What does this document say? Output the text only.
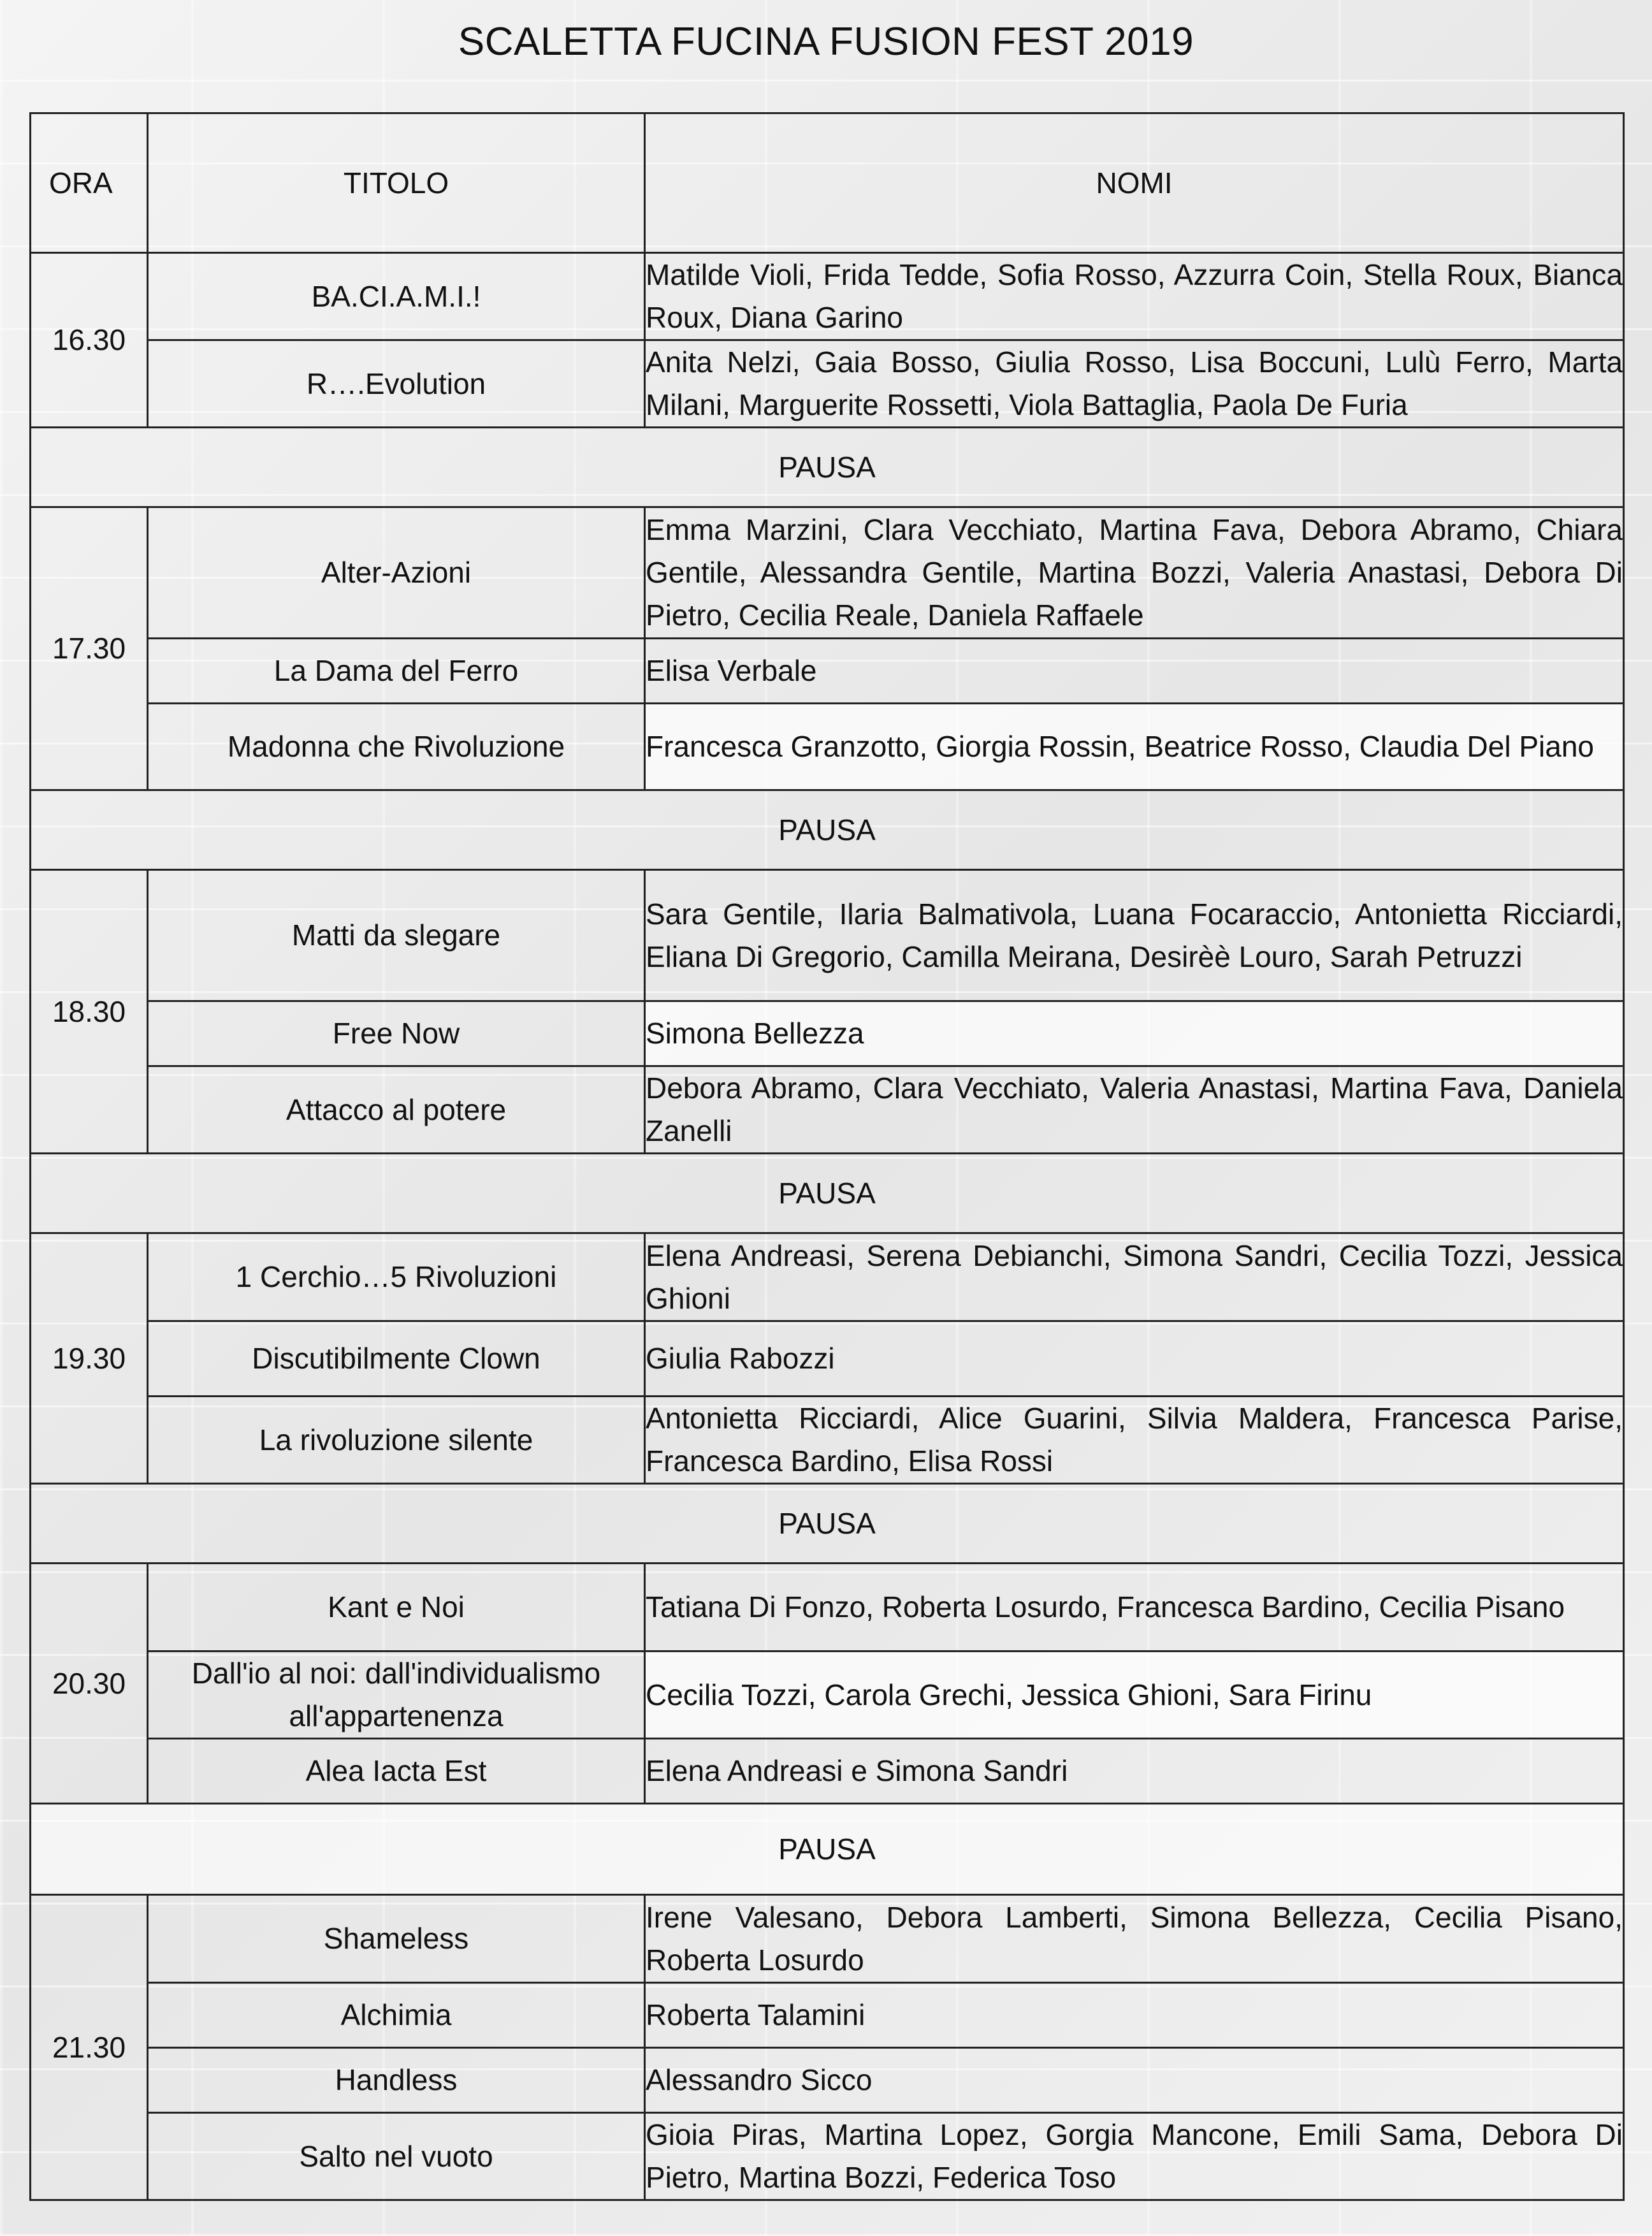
SCALETTA FUCINA FUSION FEST 2019
ORA	TITOLO	NOMI
16.30	BA.CI.A.M.I.!	Matilde Violi, Frida Tedde, Sofia Rosso, Azzurra Coin, Stella Roux, Bianca Roux, Diana Garino
	R….Evolution	Anita Nelzi, Gaia Bosso, Giulia Rosso, Lisa Boccuni, Lulù Ferro, Marta Milani, Marguerite Rossetti, Viola Battaglia, Paola De Furia
PAUSA		
17.30	Alter-Azioni	Emma Marzini, Clara Vecchiato, Martina Fava, Debora Abramo, Chiara Gentile, Alessandra Gentile, Martina Bozzi, Valeria Anastasi, Debora Di Pietro, Cecilia Reale, Daniela Raffaele
	La Dama del Ferro	Elisa Verbale
	Madonna che Rivoluzione	Francesca Granzotto, Giorgia Rossin, Beatrice Rosso, Claudia Del Piano
PAUSA		
18.30	Matti da slegare	Sara Gentile, Ilaria Balmativola, Luana Focaraccio, Antonietta Ricciardi, Eliana Di Gregorio, Camilla Meirana, Desirèè Louro, Sarah Petruzzi
	Free Now	Simona Bellezza
	Attacco al potere	Debora Abramo, Clara Vecchiato, Valeria Anastasi, Martina Fava, Daniela Zanelli
PAUSA		
19.30	1 Cerchio…5 Rivoluzioni	Elena Andreasi, Serena Debianchi, Simona Sandri, Cecilia Tozzi, Jessica Ghioni
	Discutibilmente Clown	Giulia Rabozzi
	La rivoluzione silente	Antonietta Ricciardi, Alice Guarini, Silvia Maldera, Francesca Parise, Francesca Bardino, Elisa Rossi
PAUSA		
20.30	Kant e Noi	Tatiana Di Fonzo, Roberta Losurdo, Francesca Bardino, Cecilia Pisano
	Dall'io al noi: dall'individualismo all'appartenenza	Cecilia Tozzi, Carola Grechi, Jessica Ghioni, Sara Firinu
	Alea Iacta Est	Elena Andreasi e Simona Sandri
PAUSA		
21.30	Shameless	Irene Valesano, Debora Lamberti, Simona Bellezza, Cecilia Pisano, Roberta Losurdo
	Alchimia	Roberta Talamini
	Handless	Alessandro Sicco
	Salto nel vuoto	Gioia Piras, Martina Lopez, Gorgia Mancone, Emili Sama, Debora Di Pietro, Martina Bozzi, Federica Toso
